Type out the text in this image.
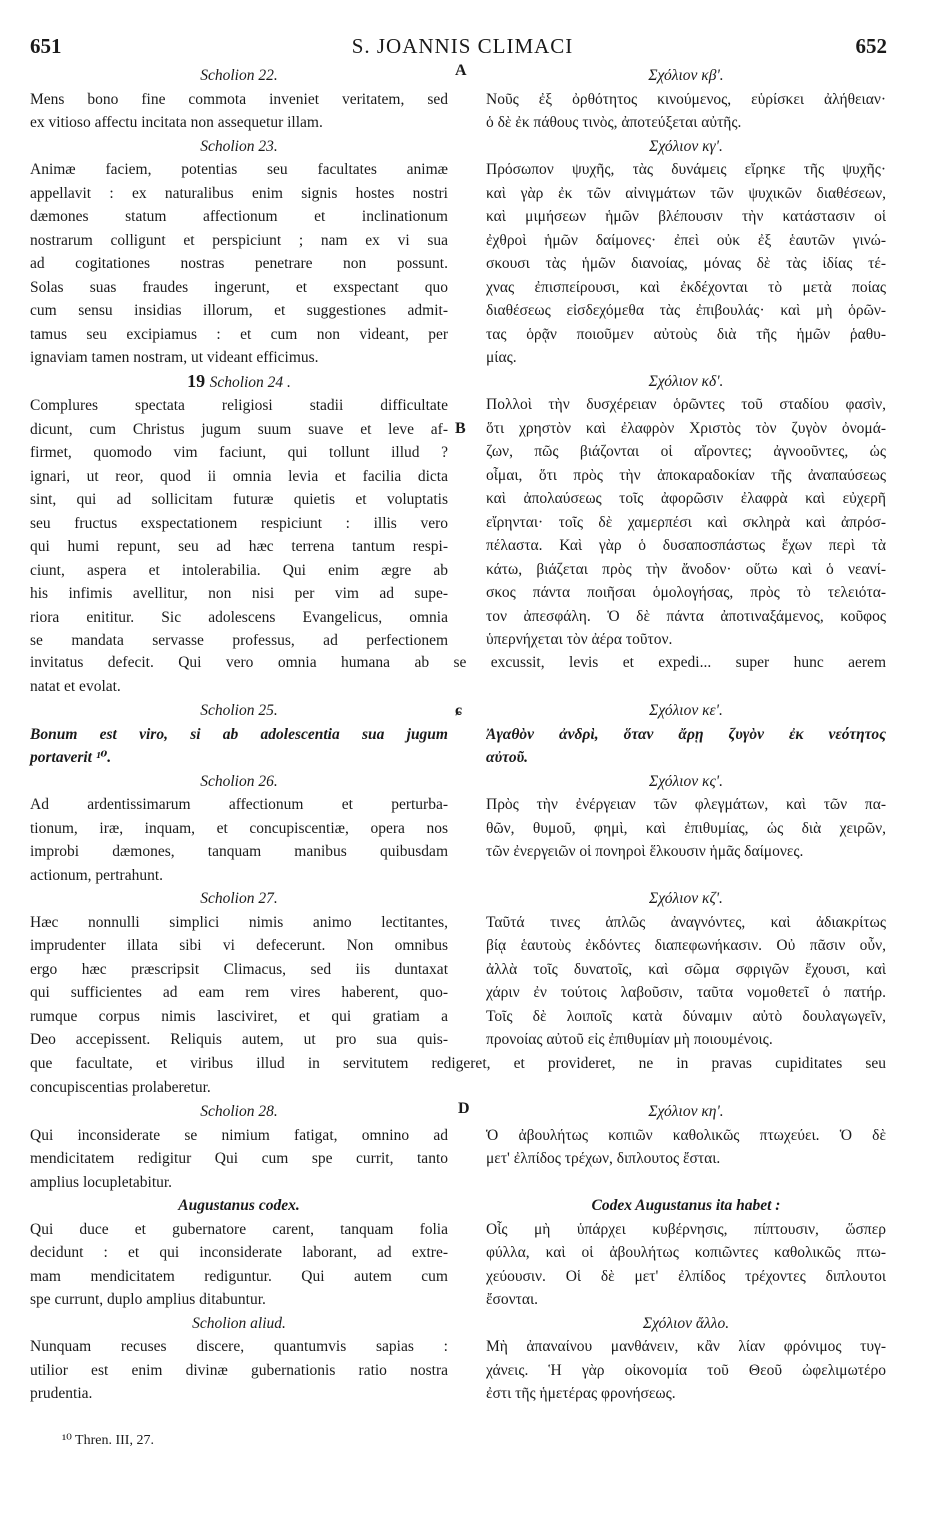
651	S. JOANNIS CLIMACI	652
A
B
ɕ
D
Scholion 22.
Mens bono fine commota inveniet veritatem, sed
ex vitioso affectu incitata non assequetur illam.
Scholion 23.
Animæ faciem, potentias seu facultates animæ
appellavit : ex naturalibus enim signis hostes nostri
dæmones statum affectionum et inclinationum
nostrarum colligunt et perspiciunt ; nam ex vi sua
ad cogitationes nostras penetrare non possunt.
Solas suas fraudes ingerunt, et exspectant quo
cum sensu insidias illorum, et suggestiones admit-
tamus seu excipiamus : et cum non videant, per
ignaviam tamen nostram, ut videant efficimus.
19 Scholion 24 .
Complures spectata religiosi stadii difficultate
dicunt, cum Christus jugum suum suave et leve af-
firmet, quomodo vim faciunt, qui tollunt illud ?
ignari, ut reor, quod ii omnia levia et facilia dicta
sint, qui ad sollicitam futuræ quietis et voluptatis
seu fructus exspectationem respiciunt : illis vero
qui humi repunt, seu ad hæc terrena tantum respi-
ciunt, aspera et intolerabilia. Qui enim ægre ab
his infimis avellitur, non nisi per vim ad supe-
riora enititur. Sic adolescens Evangelicus, omnia
se mandata servasse professus, ad perfectionem
Σχόλιον κβ'.
Νοῦς ἐξ ὀρθότητος κινούμενος, εὑρίσκει ἀλήθειαν·
ὁ δὲ ἐκ πάθους τινὸς, ἀποτεύξεται αὐτῆς.
Σχόλιον κγ'.
Πρόσωπον ψυχῆς, τὰς δυνάμεις εἴρηκε τῆς ψυχῆς·
καὶ γὰρ ἐκ τῶν αἰνιγμάτων τῶν ψυχικῶν διαθέσεων,
καὶ μιμήσεων ἡμῶν βλέπουσιν τὴν κατάστασιν οἱ
ἐχθροὶ ἡμῶν δαίμονες· ἐπεὶ οὐκ ἐξ ἑαυτῶν γινώ-
σκουσι τὰς ἡμῶν διανοίας, μόνας δὲ τὰς ἰδίας τέ-
χνας ἐπισπείρουσι, καὶ ἐκδέχονται τὸ μετὰ ποίας
διαθέσεως εἰσδεχόμεθα τὰς ἐπιβουλάς· καὶ μὴ ὁρῶν-
τας ὁρᾷν ποιοῦμεν αὐτοὺς διὰ τῆς ἡμῶν ῥαθυ-
μίας.
Σχόλιον κδ'.
Πολλοὶ τὴν δυσχέρειαν ὁρῶντες τοῦ σταδίου φασὶν,
ὅτι χρηστὸν καὶ ἐλαφρὸν Χριστὸς τὸν ζυγὸν ὀνομά-
ζων, πῶς βιάζονται οἱ αἴροντες; ἀγνοοῦντες, ὡς
οἶμαι, ὅτι πρὸς τὴν ἀποκαραδοκίαν τῆς ἀναπαύσεως
καὶ ἀπολαύσεως τοῖς ἀφορῶσιν ἐλαφρὰ καὶ εὐχερῆ
εἴρηνται· τοῖς δὲ χαμερπέσι καὶ σκληρὰ καὶ ἀπρόσ-
πέλαστα. Καὶ γὰρ ὁ δυσαποσπάστως ἔχων περὶ τὰ
κάτω, βιάζεται πρὸς τὴν ἄνοδον· οὕτω καὶ ὁ νεανί-
σκος πάντα ποιῆσαι ὁμολογήσας, πρὸς τὸ τελειότα-
τον ἀπεσφάλη. Ὁ δὲ πάντα ἀποτιναξάμενος, κοῦφος
ὑπερνήχεται τὸν ἀέρα τοῦτον.
invitatus defecit. Qui vero omnia humana ab se excussit, levis et expedi... super hunc aerem
natat et evolat.
Scholion 25.
Bonum est viro, si ab adolescentia sua jugum
portaverit ¹⁰.
Scholion 26.
Ad ardentissimarum affectionum et perturba-
tionum, iræ, inquam, et concupiscentiæ, opera nos
improbi dæmones, tanquam manibus quibusdam
actionum, pertrahunt.
Scholion 27.
Hæc nonnulli simplici nimis animo lectitantes,
imprudenter illata sibi vi defecerunt. Non omnibus
ergo hæc præscripsit Climacus, sed iis duntaxat
qui sufficientes ad eam rem vires haberent, quo-
rumque corpus nimis lasciviret, et qui gratiam a
Deo accepissent. Reliquis autem, ut pro sua quis-
Σχόλιον κε'.
Ἀγαθὸν ἀνδρὶ, ὅταν ἄρῃ ζυγὸν ἐκ νεότητος
αὐτοῦ.
Σχόλιον κς'.
Πρὸς τὴν ἐνέργειαν τῶν φλεγμάτων, καὶ τῶν πα-
θῶν, θυμοῦ, φημὶ, καὶ ἐπιθυμίας, ὡς διὰ χειρῶν,
τῶν ἐνεργειῶν οἱ πονηροὶ ἕλκουσιν ἡμᾶς δαίμονες.

Σχόλιον κζ'.
Ταῦτά τινες ἁπλῶς ἀναγνόντες, καὶ ἀδιακρίτως
βίᾳ ἑαυτοὺς ἐκδόντες διαπεφωνήκασιν. Οὐ πᾶσιν οὖν,
ἀλλὰ τοῖς δυνατοῖς, καὶ σῶμα σφριγῶν ἔχουσι, καὶ
χάριν ἐν τούτοις λαβοῦσιν, ταῦτα νομοθετεῖ ὁ πατήρ.
Τοῖς δὲ λοιποῖς κατὰ δύναμιν αὐτὸ δουλαγωγεῖν,
προνοίας αὐτοῦ εἰς ἐπιθυμίαν μὴ ποιουμένοις.
que facultate, et viribus illud in servitutem redigeret, et provideret, ne in pravas cupiditates seu
concupiscentias prolaberetur.
Scholion 28.
Qui inconsiderate se nimium fatigat, omnino ad
mendicitatem redigitur Qui cum spe currit, tanto
amplius locupletabitur.
Augustanus codex.
Qui duce et gubernatore carent, tanquam folia
decidunt : et qui inconsiderate laborant, ad extre-
mam mendicitatem rediguntur. Qui autem cum
spe currunt, duplo amplius ditabuntur.
Scholion aliud.
Nunquam recuses discere, quantumvis sapias :
utilior est enim divinæ gubernationis ratio nostra
prudentia.
Σχόλιον κη'.
Ὁ ἀβουλήτως κοπιῶν καθολικῶς πτωχεύει. Ὁ δὲ
μετ' ἐλπίδος τρέχων, διπλουτος ἔσται.

Codex Augustanus ita habet :
Οἷς μὴ ὑπάρχει κυβέρνησις, πίπτουσιν, ὥσπερ
φύλλα, καὶ οἱ ἀβουλήτως κοπιῶντες καθολικῶς πτω-
χεύουσιν. Οἱ δὲ μετ' ἐλπίδος τρέχοντες διπλουτοι
ἔσονται.
Σχόλιον ἄλλο.
Μὴ ἀπαναίνου μανθάνειν, κἂν λίαν φρόνιμος τυγ-
χάνεις. Ἡ γὰρ οἰκονομία τοῦ Θεοῦ ὠφελιμωτέρο
ἐστι τῆς ἡμετέρας φρονήσεως.
¹⁰ Thren. III, 27.
